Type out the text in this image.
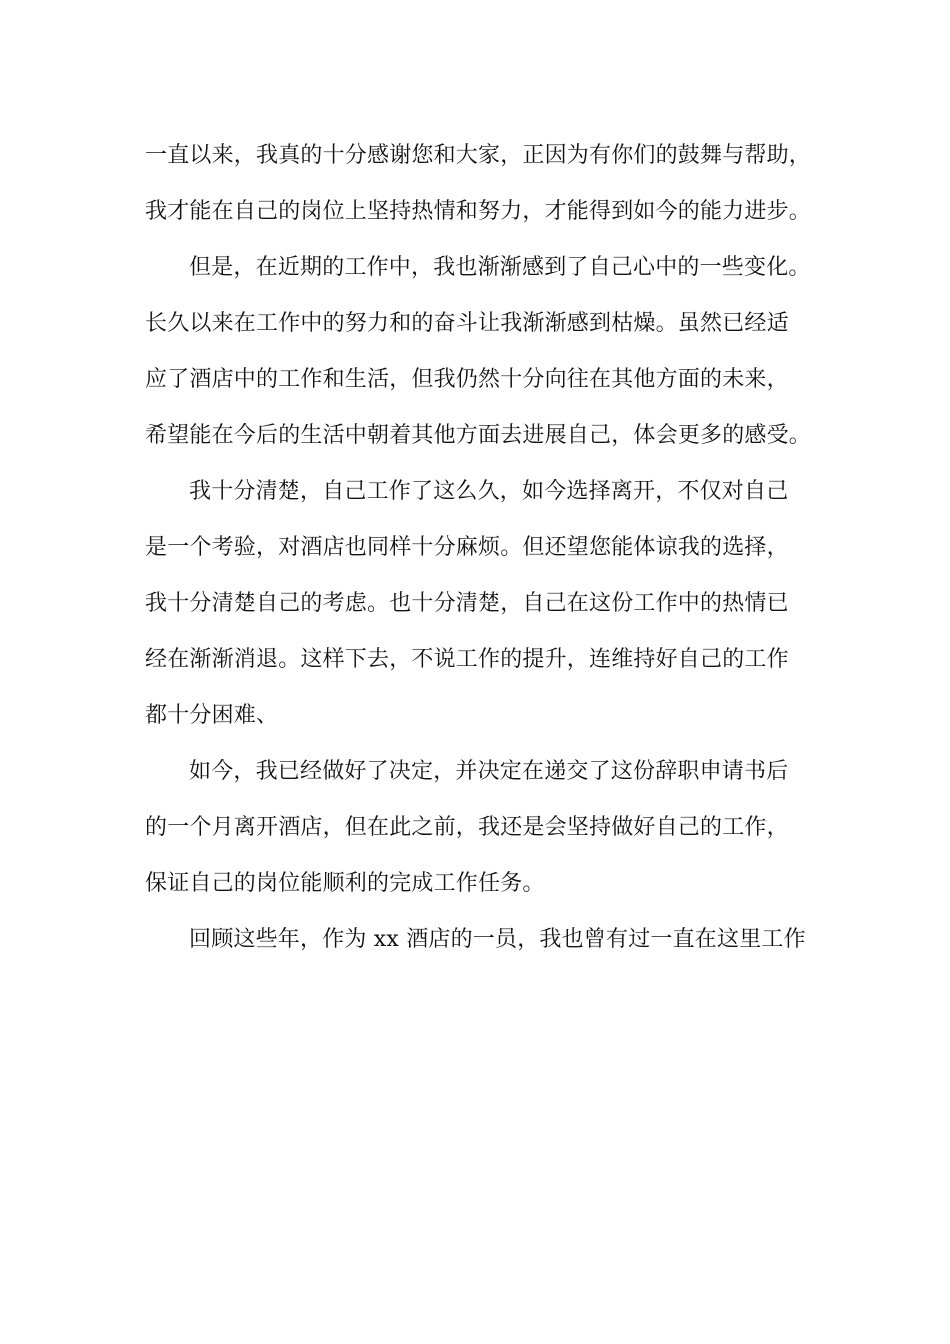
一直以来，我真的十分感谢您和大家，正因为有你们的鼓舞与帮助，
我才能在自己的岗位上坚持热情和努力，才能得到如今的能力进步。
但是，在近期的工作中，我也渐渐感到了自己心中的一些变化。
长久以来在工作中的努力和的奋斗让我渐渐感到枯燥。虽然已经适
应了酒店中的工作和生活，但我仍然十分向往在其他方面的未来，
希望能在今后的生活中朝着其他方面去进展自己，体会更多的感受。
我十分清楚，自己工作了这么久，如今选择离开，不仅对自己
是一个考验，对酒店也同样十分麻烦。但还望您能体谅我的选择，
我十分清楚自己的考虑。也十分清楚，自己在这份工作中的热情已
经在渐渐消退。这样下去，不说工作的提升，连维持好自己的工作
都十分困难、
如今，我已经做好了决定，并决定在递交了这份辞职申请书后
的一个月离开酒店，但在此之前，我还是会坚持做好自己的工作，
保证自己的岗位能顺利的完成工作任务。
回顾这些年，作为 xx 酒店的一员，我也曾有过一直在这里工作
